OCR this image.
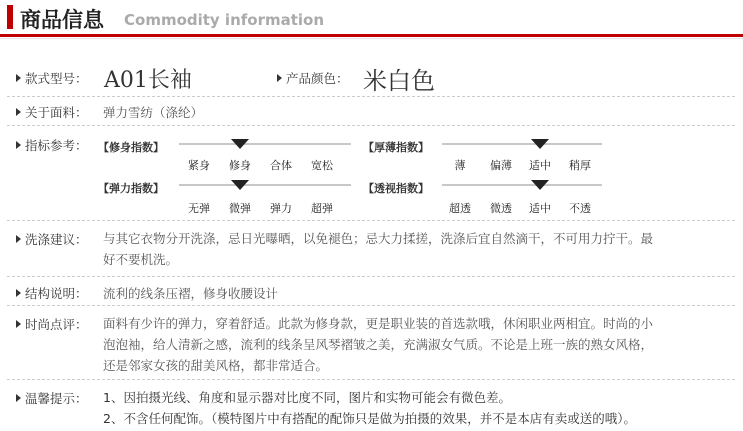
商品信息 Commodity information
款式型号： A01长袖	产品颜色： 米白色
关于面料： 弹力雪纺（涤纶）
指标参考： 【修身指数】
紧身	修身	合体	宽松
【厚薄指数】
薄	偏薄	适中	稍厚
【弹力指数】
无弹	微弹	弹力	超弹
【透视指数】
超透	微透	适中	不透
洗涤建议： 与其它衣物分开洗涤，忌日光曝晒，以免褪色；忌大力揉搓，洗涤后宜自然滴干，不可用力拧干。最
好不要机洗。
结构说明： 流利的线条压褶，修身收腰设计
时尚点评： 面料有少许的弹力，穿着舒适。此款为修身款，更是职业装的首选款哦，休闲职业两相宜。时尚的小
泡泡袖，给人清新之感，流利的线条呈风琴褶皱之美，充满淑女气质。不论是上班一族的熟女风格，
还是邻家女孩的甜美风格，都非常适合。
温馨提示： 1、因拍摄光线、角度和显示器对比度不同，图片和实物可能会有微色差。
2、不含任何配饰。（模特图片中有搭配的配饰只是做为拍摄的效果，并不是本店有卖或送的哦）。
